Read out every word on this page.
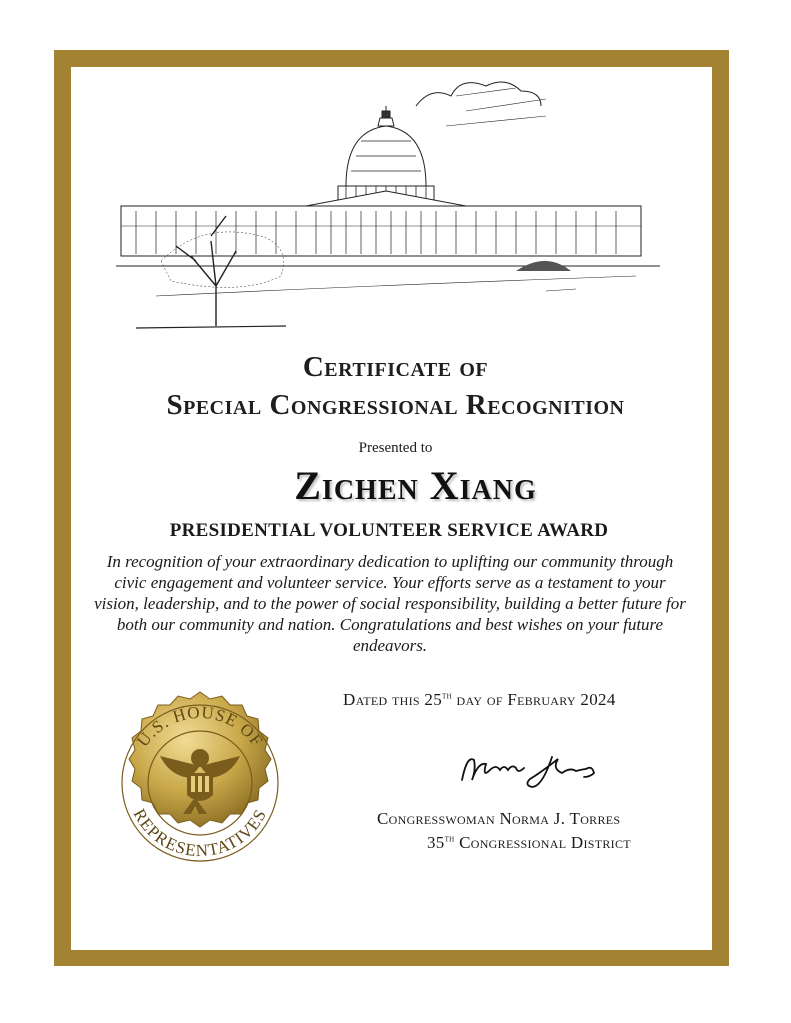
Certificate of
Special Congressional Recognition
Presented to
Zichen Xiang
PRESIDENTIAL VOLUNTEER SERVICE AWARD
In recognition of your extraordinary dedication to uplifting our community through civic engagement and volunteer service. Your efforts serve as a testament to your vision, leadership, and to the power of social responsibility, building a better future for both our community and nation. Congratulations and best wishes on your future endeavors.
Dated this 25th day of February 2024
Congresswoman Norma J. Torres
35th Congressional District
U.S. HOUSE OF
REPRESENTATIVES
